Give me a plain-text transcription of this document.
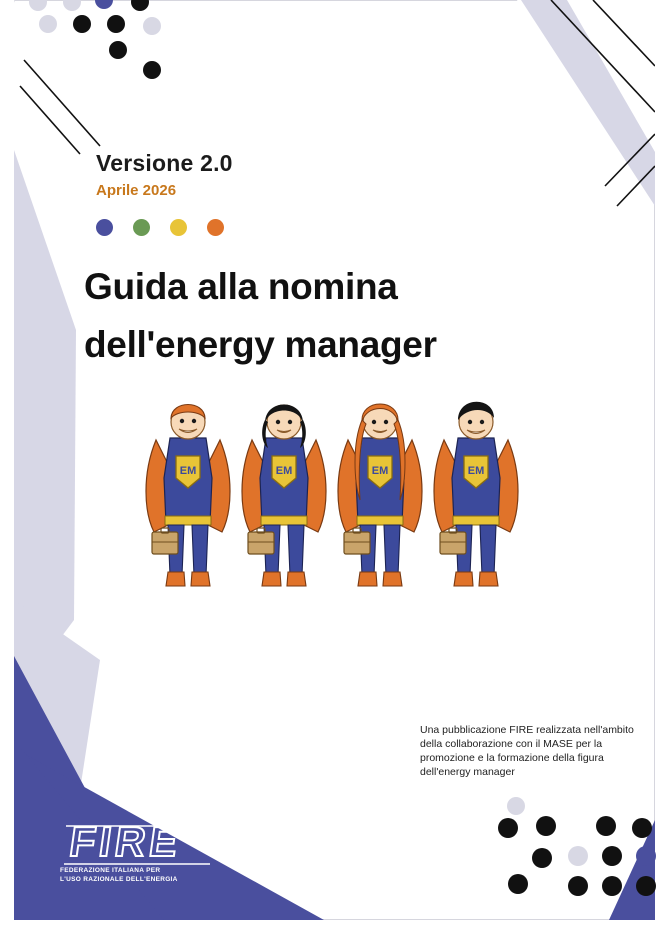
Versione 2.0
Aprile 2026
Guida alla nomina
dell'energy manager
Una pubblicazione FIRE realizzata nell'ambito della collaborazione con il MASE per la promozione e la formazione della figura dell'energy manager
FIRE
FEDERAZIONE ITALIANA PER
L'USO RAZIONALE DELL'ENERGIA
